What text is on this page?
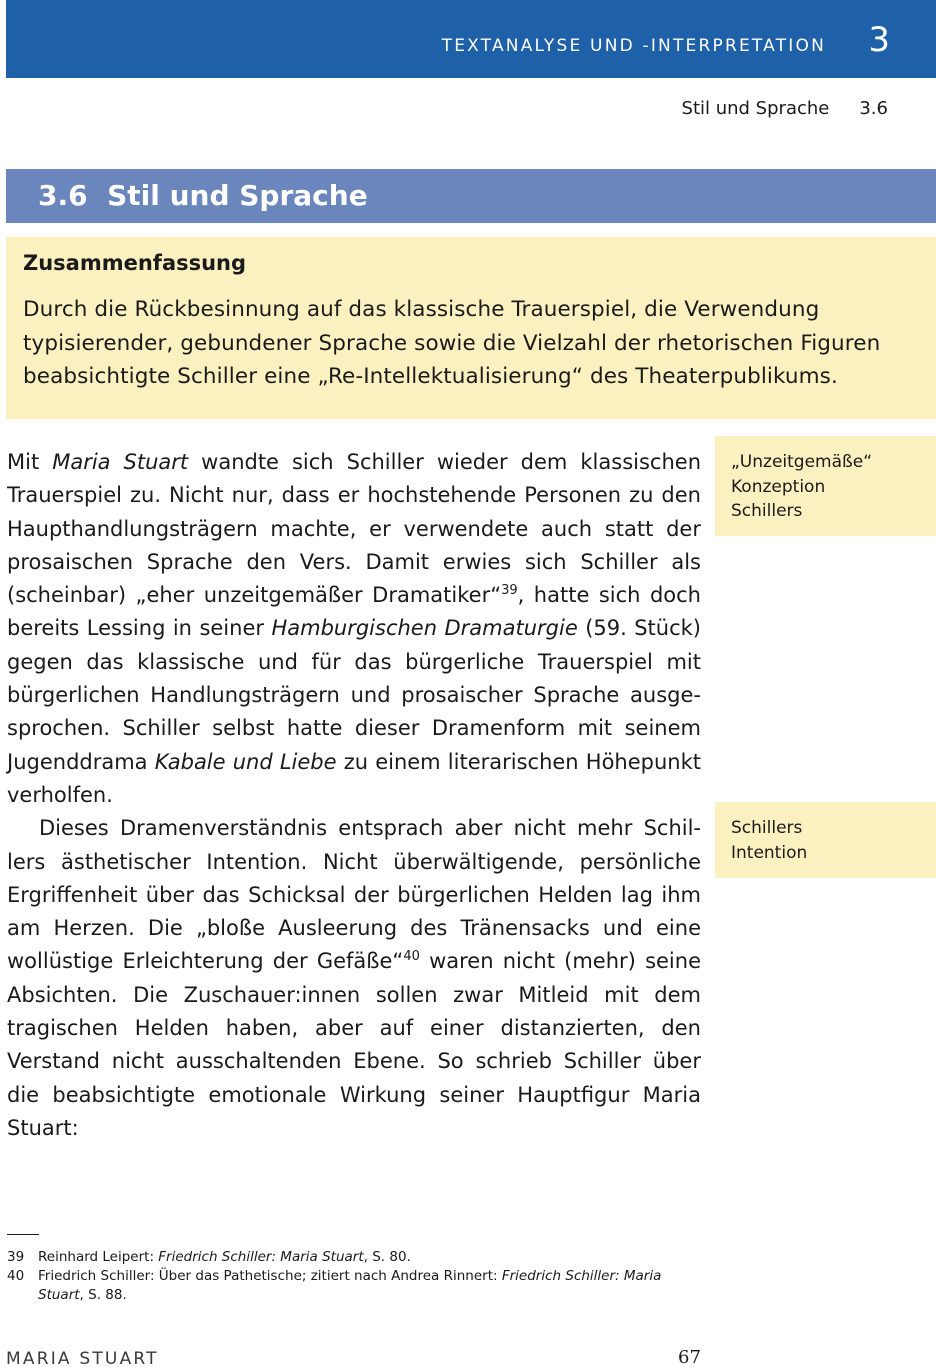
TEXTANALYSE UND -INTERPRETATION 3
Stil und Sprache 3.6
3.6  Stil und Sprache
Zusammenfassung
Durch die Rückbesinnung auf das klassische Trauerspiel, die Verwendung typisierender, gebundener Sprache sowie die Vielzahl der rhetorischen Figuren beabsichtigte Schiller eine „Re-Intellektualisierung“ des Theaterpublikums.

Mit Maria Stuart wandte sich Schiller wieder dem klassischen Trauerspiel zu. Nicht nur, dass er hochstehende Personen zu den Haupthandlungsträgern machte, er verwendete auch statt der prosaischen Sprache den Vers. Damit erwies sich Schiller als (scheinbar) „eher unzeitgemäßer Dramatiker“$^{39}$, hatte sich doch bereits Lessing in seiner Hamburgischen Dramaturgie (59. Stück) gegen das klassische und für das bürgerliche Trauerspiel mit bürgerlichen Handlungsträgern und prosaischer Sprache ausge-sprochen. Schiller selbst hatte dieser Dramenform mit seinem Jugenddrama Kabale und Liebe zu einem literarischen Höhepunkt verholfen.

Dieses Dramenverständnis entsprach aber nicht mehr Schil-lers ästhetischer Intention. Nicht überwältigende, persönliche Ergriffenheit über das Schicksal der bürgerlichen Helden lag ihm am Herzen. Die „bloße Ausleerung des Tränensacks und eine wollüstige Erleichterung der Gefäße“$^{40}$ waren nicht (mehr) seine Absichten. Die Zuschauer:innen sollen zwar Mitleid mit dem tragischen Helden haben, aber auf einer distanzierten, den Verstand nicht ausschaltenden Ebene. So schrieb Schiller über die beabsichtigte emotionale Wirkung seiner Hauptfigur Maria Stuart:

„Unzeitgemäße“
Konzeption
Schillers
Schillers
Intention
39	Reinhard Leipert: Friedrich Schiller: Maria Stuart, S. 80.
40	Friedrich Schiller: Über das Pathetische; zitiert nach Andrea Rinnert: Friedrich Schiller: Maria Stuart, S. 88.
MARIA STUART	67
